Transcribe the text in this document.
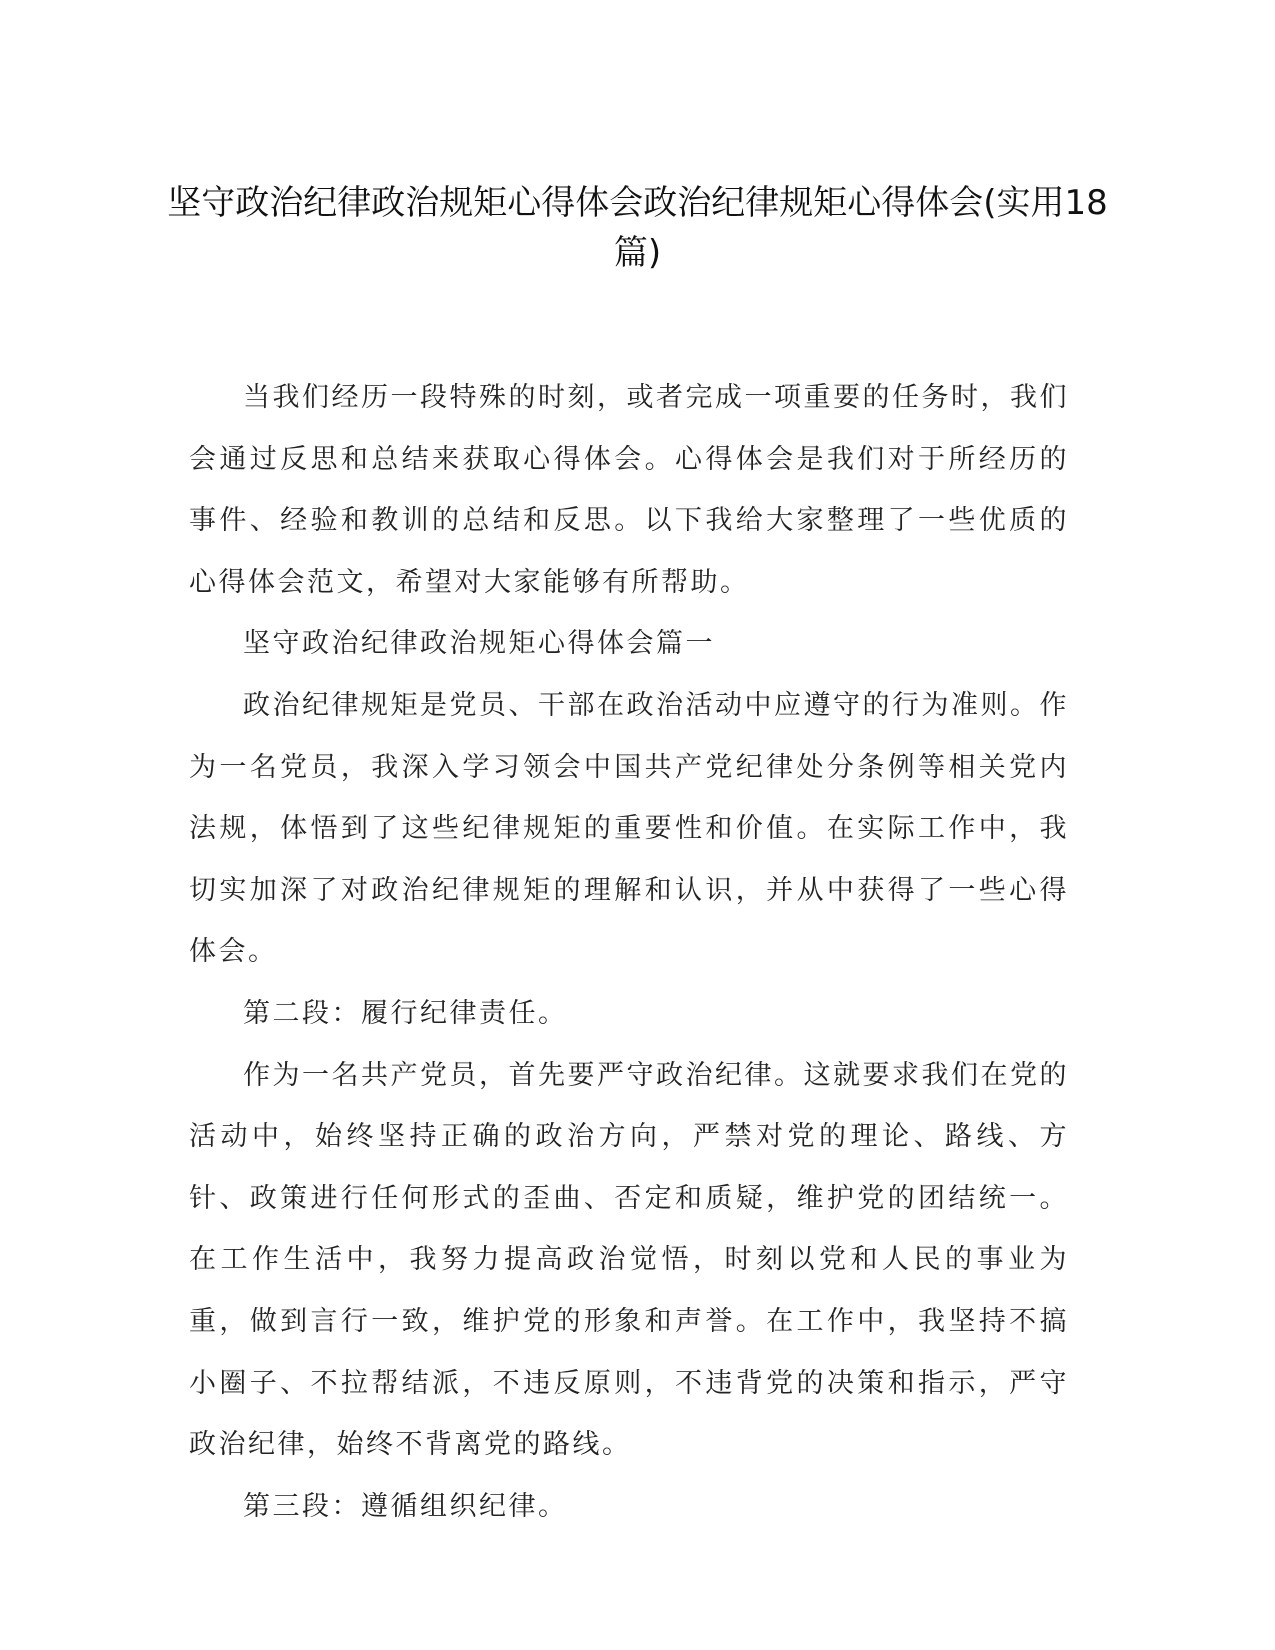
坚守政治纪律政治规矩心得体会政治纪律规矩心得体会(实用18篇)

当我们经历一段特殊的时刻，或者完成一项重要的任务时，我们会通过反思和总结来获取心得体会。心得体会是我们对于所经历的事件、经验和教训的总结和反思。以下我给大家整理了一些优质的心得体会范文，希望对大家能够有所帮助。

坚守政治纪律政治规矩心得体会篇一

政治纪律规矩是党员、干部在政治活动中应遵守的行为准则。作为一名党员，我深入学习领会中国共产党纪律处分条例等相关党内法规，体悟到了这些纪律规矩的重要性和价值。在实际工作中，我切实加深了对政治纪律规矩的理解和认识，并从中获得了一些心得体会。

第二段：履行纪律责任。

作为一名共产党员，首先要严守政治纪律。这就要求我们在党的活动中，始终坚持正确的政治方向，严禁对党的理论、路线、方针、政策进行任何形式的歪曲、否定和质疑，维护党的团结统一。在工作生活中，我努力提高政治觉悟，时刻以党和人民的事业为重，做到言行一致，维护党的形象和声誉。在工作中，我坚持不搞小圈子、不拉帮结派，不违反原则，不违背党的决策和指示，严守政治纪律，始终不背离党的路线。

第三段：遵循组织纪律。
